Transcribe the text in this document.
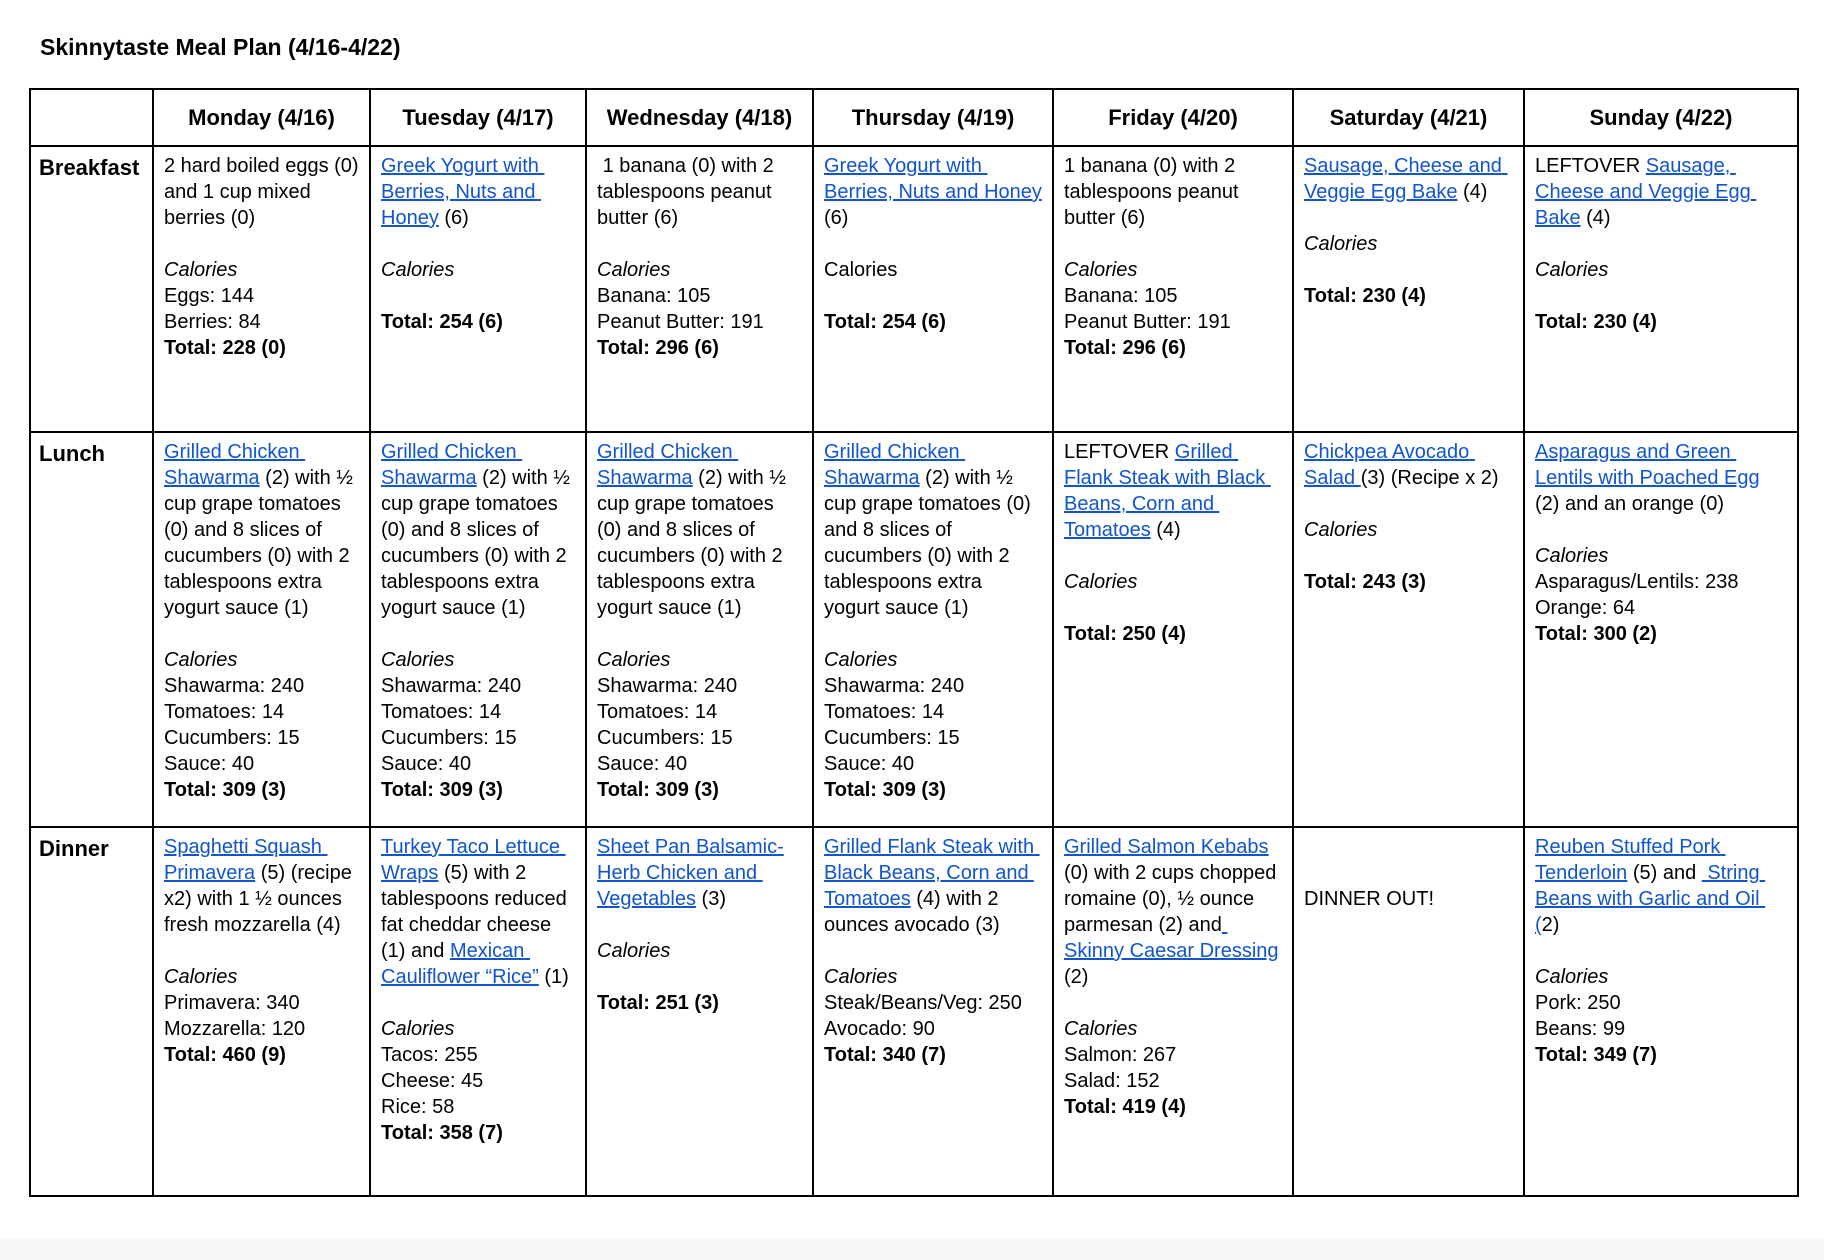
Skinnytaste Meal Plan (4/16-4/22)
	Monday (4/16)	Tuesday (4/17)	Wednesday (4/18)	Thursday (4/19)	Friday (4/20)	Saturday (4/21)	Sunday (4/22)
Breakfast	2 hard boiled eggs (0) and 1 cup mixed berries (0)
Calories
Eggs: 144
Berries: 84
Total: 228 (0)

Greek Yogurt with Berries, Nuts and Honey (6)
Calories
Total: 254 (6)

1 banana (0) with 2 tablespoons peanut butter (6)
Calories
Banana: 105
Peanut Butter: 191
Total: 296 (6)

Greek Yogurt with Berries, Nuts and Honey (6)
Calories
Total: 254 (6)

1 banana (0) with 2 tablespoons peanut butter (6)
Calories
Banana: 105
Peanut Butter: 191
Total: 296 (6)

Sausage, Cheese and Veggie Egg Bake (4)
Calories
Total: 230 (4)

LEFTOVER Sausage, Cheese and Veggie Egg Bake (4)
Calories
Total: 230 (4)

Lunch	Grilled Chicken Shawarma (2) with ½ cup grape tomatoes (0) and 8 slices of  cucumbers (0) with 2 tablespoons extra yogurt sauce (1)
Calories
Shawarma: 240
Tomatoes: 14
Cucumbers: 15
Sauce: 40
Total: 309 (3)

Grilled Chicken Shawarma (2) with ½ cup grape tomatoes (0) and 8 slices of cucumbers (0) with 2 tablespoons extra yogurt sauce (1)
Calories
Shawarma: 240
Tomatoes: 14
Cucumbers: 15
Sauce: 40
Total: 309 (3)

Grilled Chicken Shawarma (2) with ½ cup grape tomatoes (0) and 8 slices of cucumbers (0) with 2 tablespoons extra yogurt sauce (1)
Calories
Shawarma: 240
Tomatoes: 14
Cucumbers: 15
Sauce: 40
Total: 309 (3)

Grilled Chicken Shawarma (2) with ½ cup grape tomatoes (0) and 8 slices of cucumbers (0) with 2 tablespoons extra yogurt sauce (1)
Calories
Shawarma: 240
Tomatoes: 14
Cucumbers: 15
Sauce: 40
Total: 309 (3)

LEFTOVER Grilled Flank Steak with Black Beans, Corn and Tomatoes (4)
Calories
Total: 250 (4)

Chickpea Avocado Salad (3) (Recipe x 2)
Calories
Total: 243 (3)

Asparagus and Green Lentils with Poached Egg (2) and an orange (0)
Calories
Asparagus/Lentils: 238
Orange: 64
Total: 300 (2)

Dinner	Spaghetti Squash Primavera (5) (recipe x2) with 1 ½ ounces fresh mozzarella (4)
Calories
Primavera: 340
Mozzarella: 120
Total: 460 (9)

Turkey Taco Lettuce Wraps (5) with 2 tablespoons reduced fat cheddar cheese (1) and Mexican Cauliflower “Rice” (1)
Calories
Tacos: 255
Cheese: 45
Rice: 58
Total: 358 (7)

Sheet Pan Balsamic-Herb Chicken and Vegetables (3)
Calories
Total: 251 (3)

Grilled Flank Steak with Black Beans, Corn and Tomatoes (4) with 2 ounces avocado (3)
Calories
Steak/Beans/Veg: 250
Avocado: 90
Total: 340 (7)

Grilled Salmon Kebabs (0) with 2 cups chopped romaine (0), ½ ounce parmesan (2) and Skinny Caesar Dressing (2)
Calories
Salmon: 267
Salad: 152
Total: 419 (4)

DINNER OUT!

Reuben Stuffed Pork Tenderloin (5) and  String Beans with Garlic and Oil (2)
Calories
Pork: 250
Beans: 99
Total: 349 (7)
